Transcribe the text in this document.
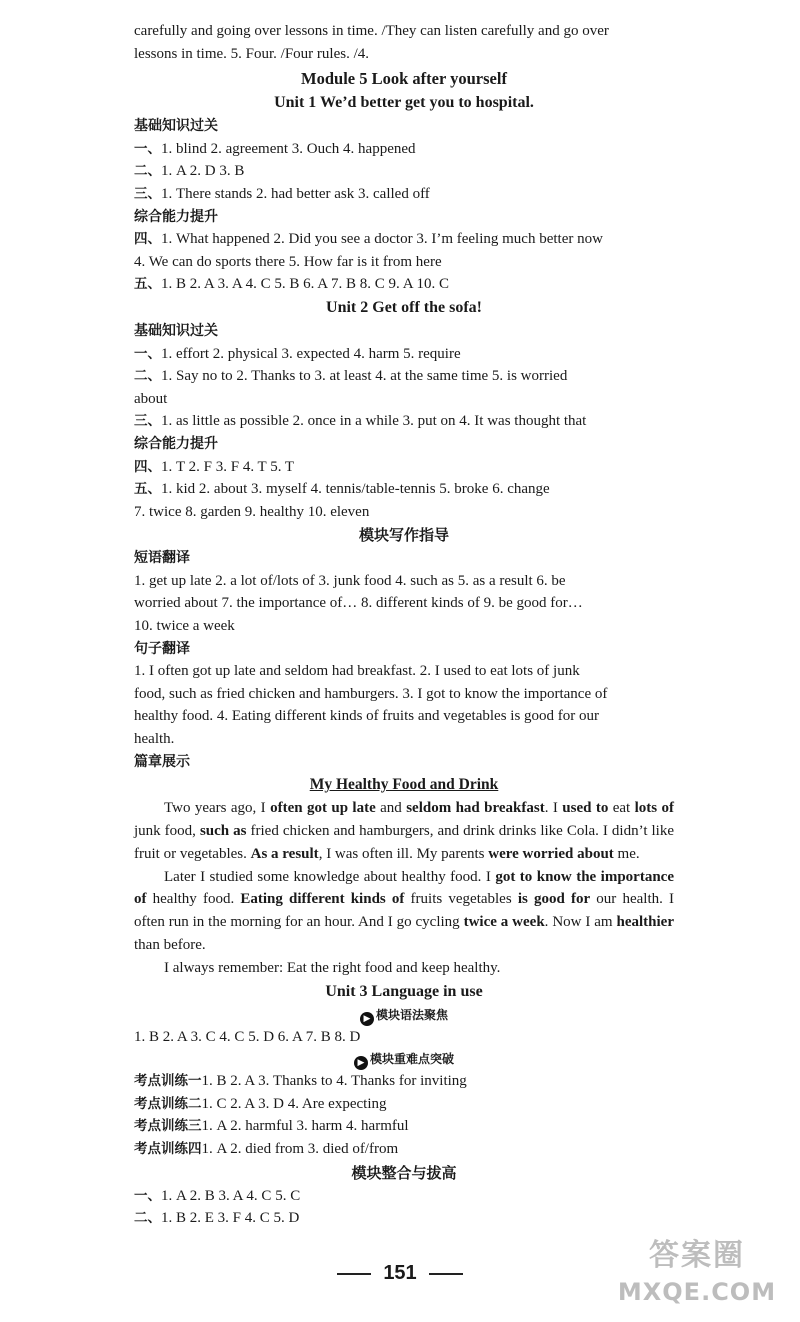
carefully and going over lessons in time. /They can listen carefully and go over
lessons in time. 5. Four. /Four rules. /4.
Module 5 Look after yourself
Unit 1 We’d better get you to hospital.
基础知识过关
一、1. blind 2. agreement 3. Ouch 4. happened
二、1. A 2. D 3. B
三、1. There stands 2. had better ask 3. called off
综合能力提升
四、1. What happened 2. Did you see a doctor 3. I’m feeling much better now
4. We can do sports there 5. How far is it from here
五、1. B 2. A 3. A 4. C 5. B 6. A 7. B 8. C 9. A 10. C
Unit 2 Get off the sofa!
基础知识过关
一、1. effort 2. physical 3. expected 4. harm 5. require
二、1. Say no to 2. Thanks to 3. at least 4. at the same time 5. is worried
about
三、1. as little as possible 2. once in a while 3. put on 4. It was thought that
综合能力提升
四、1. T 2. F 3. F 4. T 5. T
五、1. kid 2. about 3. myself 4. tennis/table-tennis 5. broke 6. change
7. twice 8. garden 9. healthy 10. eleven
模块写作指导
短语翻译
1. get up late 2. a lot of/lots of 3. junk food 4. such as 5. as a result 6. be
worried about 7. the importance of… 8. different kinds of 9. be good for…
10. twice a week
句子翻译
1. I often got up late and seldom had breakfast. 2. I used to eat lots of junk
food, such as fried chicken and hamburgers. 3. I got to know the importance of
healthy food. 4. Eating different kinds of fruits and vegetables is good for our
health.
篇章展示
My Healthy Food and Drink
Two years ago, I often got up late and seldom had breakfast. I used to eat lots of junk food, such as fried chicken and hamburgers, and drink drinks like Cola. I didn’t like fruit or vegetables. As a result, I was often ill. My parents were worried about me.
Later I studied some knowledge about healthy food. I got to know the importance of healthy food. Eating different kinds of fruits vegetables is good for our health. I often run in the morning for an hour. And I go cycling twice a week. Now I am healthier than before.
I always remember: Eat the right food and keep healthy.
Unit 3 Language in use
▶ 模块语法聚焦
1. B 2. A 3. C 4. C 5. D 6. A 7. B 8. D
▶ 模块重难点突破
考点训练一1. B 2. A 3. Thanks to 4. Thanks for inviting
考点训练二1. C 2. A 3. D 4. Are expecting
考点训练三1. A 2. harmful 3. harm 4. harmful
考点训练四1. A 2. died from 3. died of/from
模块整合与拔高
一、1. A 2. B 3. A 4. C 5. C
二、1. B 2. E 3. F 4. C 5. D
151	答案圈
MXQE.COM
